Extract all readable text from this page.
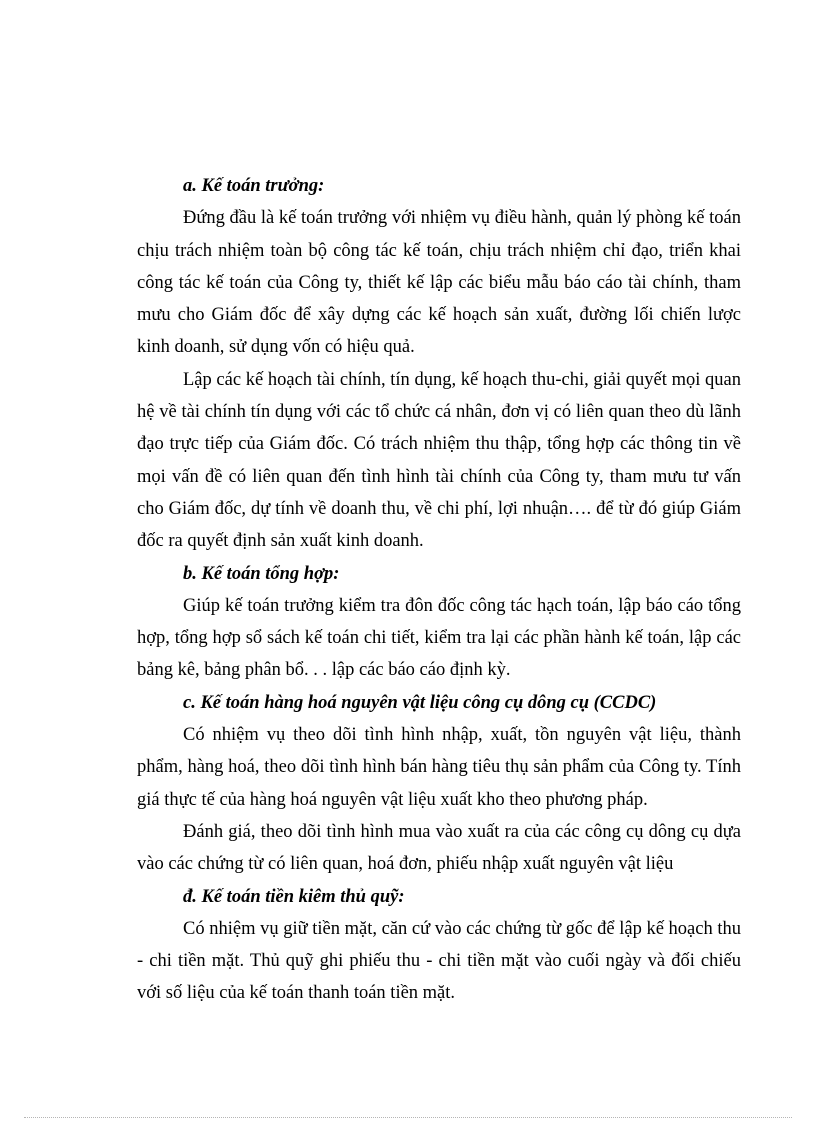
a. Kế toán trưởng:

Đứng đầu là kế toán trưởng với nhiệm vụ điều hành, quản lý phòng kế toán chịu trách nhiệm toàn bộ công tác kế toán, chịu trách nhiệm chỉ đạo, triển khai công tác kế toán của Công ty, thiết kế lập các biểu mẫu báo cáo tài chính, tham mưu cho Giám đốc để xây dựng các kế hoạch sản xuất, đường lối chiến lược kinh doanh, sử dụng vốn có hiệu quả.

Lập các kế hoạch tài chính, tín dụng, kế hoạch thu-chi, giải quyết mọi quan hệ về tài chính tín dụng với các tổ chức cá nhân, đơn vị có liên quan theo dù lãnh đạo trực tiếp của Giám đốc. Có trách nhiệm thu thập, tổng hợp các thông tin về mọi vấn đề có liên quan đến tình hình tài chính của Công ty, tham mưu tư vấn cho Giám đốc, dự tính về doanh thu, về chi phí, lợi nhuận…. để từ đó giúp Giám đốc ra quyết định sản xuất kinh doanh.

b. Kế toán tổng hợp:

Giúp kế toán trưởng kiểm tra đôn đốc công tác hạch toán, lập báo cáo tổng hợp, tổng hợp sổ sách kế toán chi tiết, kiểm tra lại các phần hành kế toán, lập các bảng kê, bảng phân bổ. . . lập các báo cáo định kỳ.

c. Kế toán hàng hoá nguyên vật liệu công cụ dông cụ (CCDC)

Có nhiệm vụ theo dõi tình hình nhập, xuất, tồn nguyên vật liệu, thành phẩm, hàng hoá, theo dõi tình hình bán hàng tiêu thụ sản phẩm của Công ty. Tính giá thực tế của hàng hoá nguyên vật liệu xuất kho theo phương pháp.

Đánh giá, theo dõi tình hình mua vào xuất ra của các công cụ dông cụ dựa vào các chứng từ có liên quan, hoá đơn, phiếu nhập xuất nguyên vật liệu

đ. Kế toán tiền kiêm thủ quỹ:

Có nhiệm vụ giữ tiền mặt, căn cứ vào các chứng từ gốc để lập kế hoạch thu - chi tiền mặt. Thủ quỹ ghi phiếu thu - chi tiền mặt vào cuối ngày và đối chiếu với số liệu của kế toán thanh toán tiền mặt.
